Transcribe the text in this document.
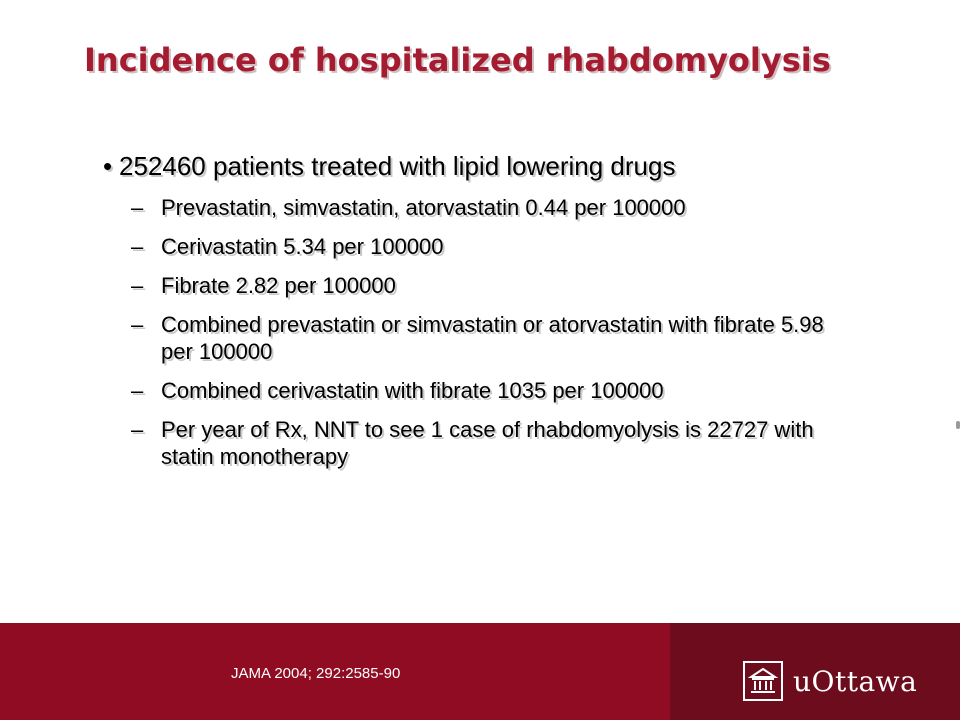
Incidence of hospitalized rhabdomyolysis
• 252460 patients treated with lipid lowering drugs
– Prevastatin, simvastatin, atorvastatin 0.44 per 100000
– Cerivastatin 5.34 per 100000
– Fibrate 2.82 per 100000
– Combined prevastatin or simvastatin or atorvastatin with fibrate 5.98 per 100000
– Combined cerivastatin with fibrate 1035 per 100000
– Per year of Rx, NNT to see 1 case of rhabdomyolysis is 22727 with statin monotherapy
JAMA 2004; 292:2585-90	uOttawa
